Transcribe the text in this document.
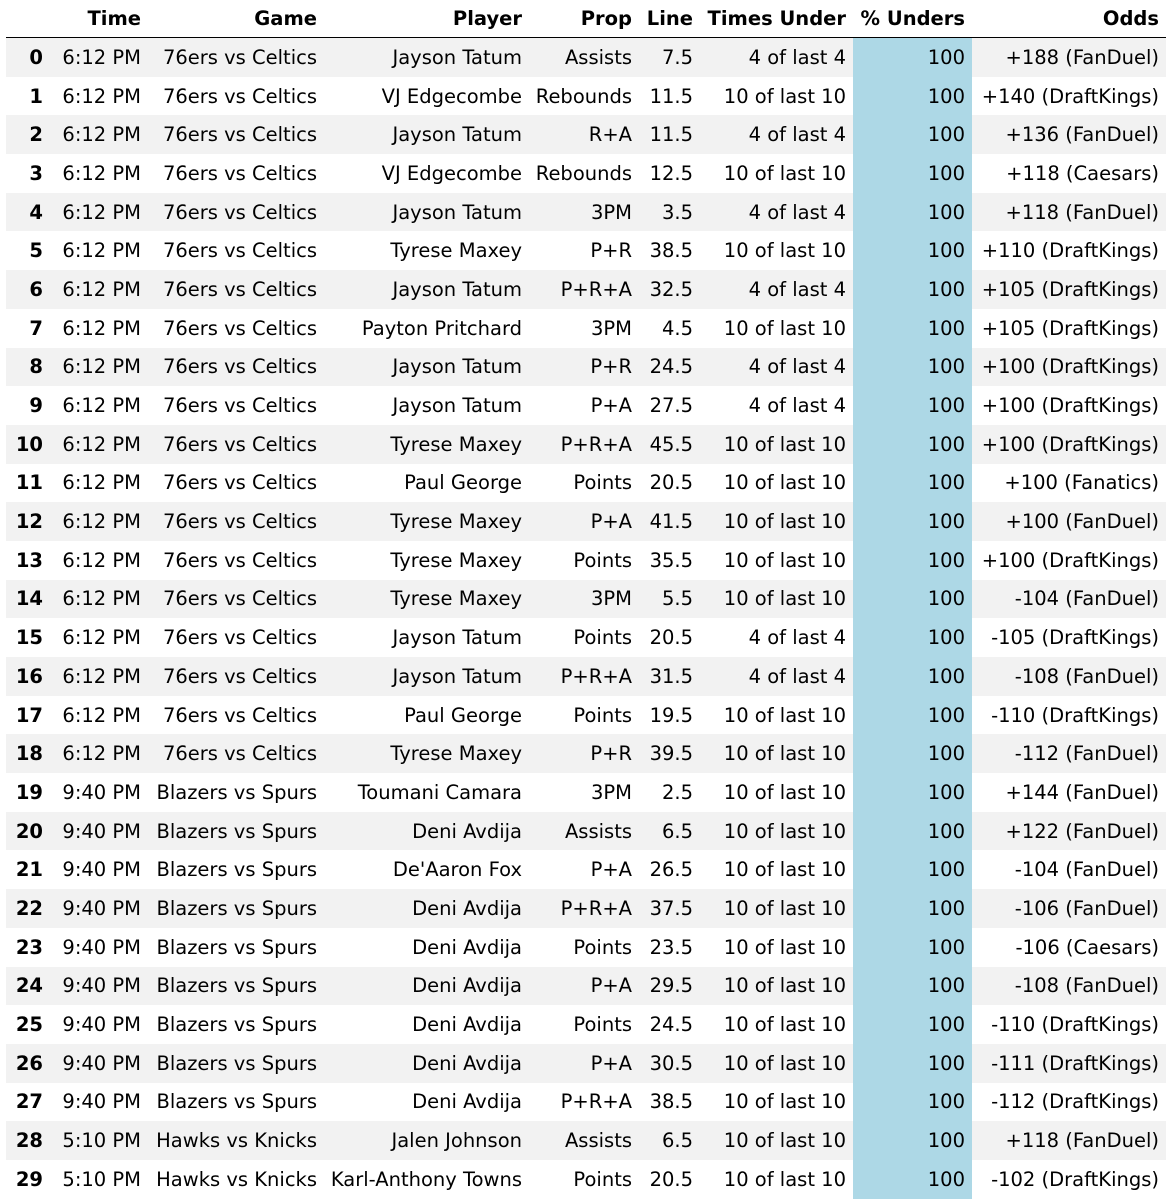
	Time	Game	Player	Prop	Line	Times Under	% Unders	Odds
0	6:12 PM	76ers vs Celtics	Jayson Tatum	Assists	7.5	4 of last 4	100	+188 (FanDuel)
1	6:12 PM	76ers vs Celtics	VJ Edgecombe	Rebounds	11.5	10 of last 10	100	+140 (DraftKings)
2	6:12 PM	76ers vs Celtics	Jayson Tatum	R+A	11.5	4 of last 4	100	+136 (FanDuel)
3	6:12 PM	76ers vs Celtics	VJ Edgecombe	Rebounds	12.5	10 of last 10	100	+118 (Caesars)
4	6:12 PM	76ers vs Celtics	Jayson Tatum	3PM	3.5	4 of last 4	100	+118 (FanDuel)
5	6:12 PM	76ers vs Celtics	Tyrese Maxey	P+R	38.5	10 of last 10	100	+110 (DraftKings)
6	6:12 PM	76ers vs Celtics	Jayson Tatum	P+R+A	32.5	4 of last 4	100	+105 (DraftKings)
7	6:12 PM	76ers vs Celtics	Payton Pritchard	3PM	4.5	10 of last 10	100	+105 (DraftKings)
8	6:12 PM	76ers vs Celtics	Jayson Tatum	P+R	24.5	4 of last 4	100	+100 (DraftKings)
9	6:12 PM	76ers vs Celtics	Jayson Tatum	P+A	27.5	4 of last 4	100	+100 (DraftKings)
10	6:12 PM	76ers vs Celtics	Tyrese Maxey	P+R+A	45.5	10 of last 10	100	+100 (DraftKings)
11	6:12 PM	76ers vs Celtics	Paul George	Points	20.5	10 of last 10	100	+100 (Fanatics)
12	6:12 PM	76ers vs Celtics	Tyrese Maxey	P+A	41.5	10 of last 10	100	+100 (FanDuel)
13	6:12 PM	76ers vs Celtics	Tyrese Maxey	Points	35.5	10 of last 10	100	+100 (DraftKings)
14	6:12 PM	76ers vs Celtics	Tyrese Maxey	3PM	5.5	10 of last 10	100	-104 (FanDuel)
15	6:12 PM	76ers vs Celtics	Jayson Tatum	Points	20.5	4 of last 4	100	-105 (DraftKings)
16	6:12 PM	76ers vs Celtics	Jayson Tatum	P+R+A	31.5	4 of last 4	100	-108 (FanDuel)
17	6:12 PM	76ers vs Celtics	Paul George	Points	19.5	10 of last 10	100	-110 (DraftKings)
18	6:12 PM	76ers vs Celtics	Tyrese Maxey	P+R	39.5	10 of last 10	100	-112 (FanDuel)
19	9:40 PM	Blazers vs Spurs	Toumani Camara	3PM	2.5	10 of last 10	100	+144 (FanDuel)
20	9:40 PM	Blazers vs Spurs	Deni Avdija	Assists	6.5	10 of last 10	100	+122 (FanDuel)
21	9:40 PM	Blazers vs Spurs	De'Aaron Fox	P+A	26.5	10 of last 10	100	-104 (FanDuel)
22	9:40 PM	Blazers vs Spurs	Deni Avdija	P+R+A	37.5	10 of last 10	100	-106 (FanDuel)
23	9:40 PM	Blazers vs Spurs	Deni Avdija	Points	23.5	10 of last 10	100	-106 (Caesars)
24	9:40 PM	Blazers vs Spurs	Deni Avdija	P+A	29.5	10 of last 10	100	-108 (FanDuel)
25	9:40 PM	Blazers vs Spurs	Deni Avdija	Points	24.5	10 of last 10	100	-110 (DraftKings)
26	9:40 PM	Blazers vs Spurs	Deni Avdija	P+A	30.5	10 of last 10	100	-111 (DraftKings)
27	9:40 PM	Blazers vs Spurs	Deni Avdija	P+R+A	38.5	10 of last 10	100	-112 (DraftKings)
28	5:10 PM	Hawks vs Knicks	Jalen Johnson	Assists	6.5	10 of last 10	100	+118 (FanDuel)
29	5:10 PM	Hawks vs Knicks	Karl-Anthony Towns	Points	20.5	10 of last 10	100	-102 (DraftKings)
